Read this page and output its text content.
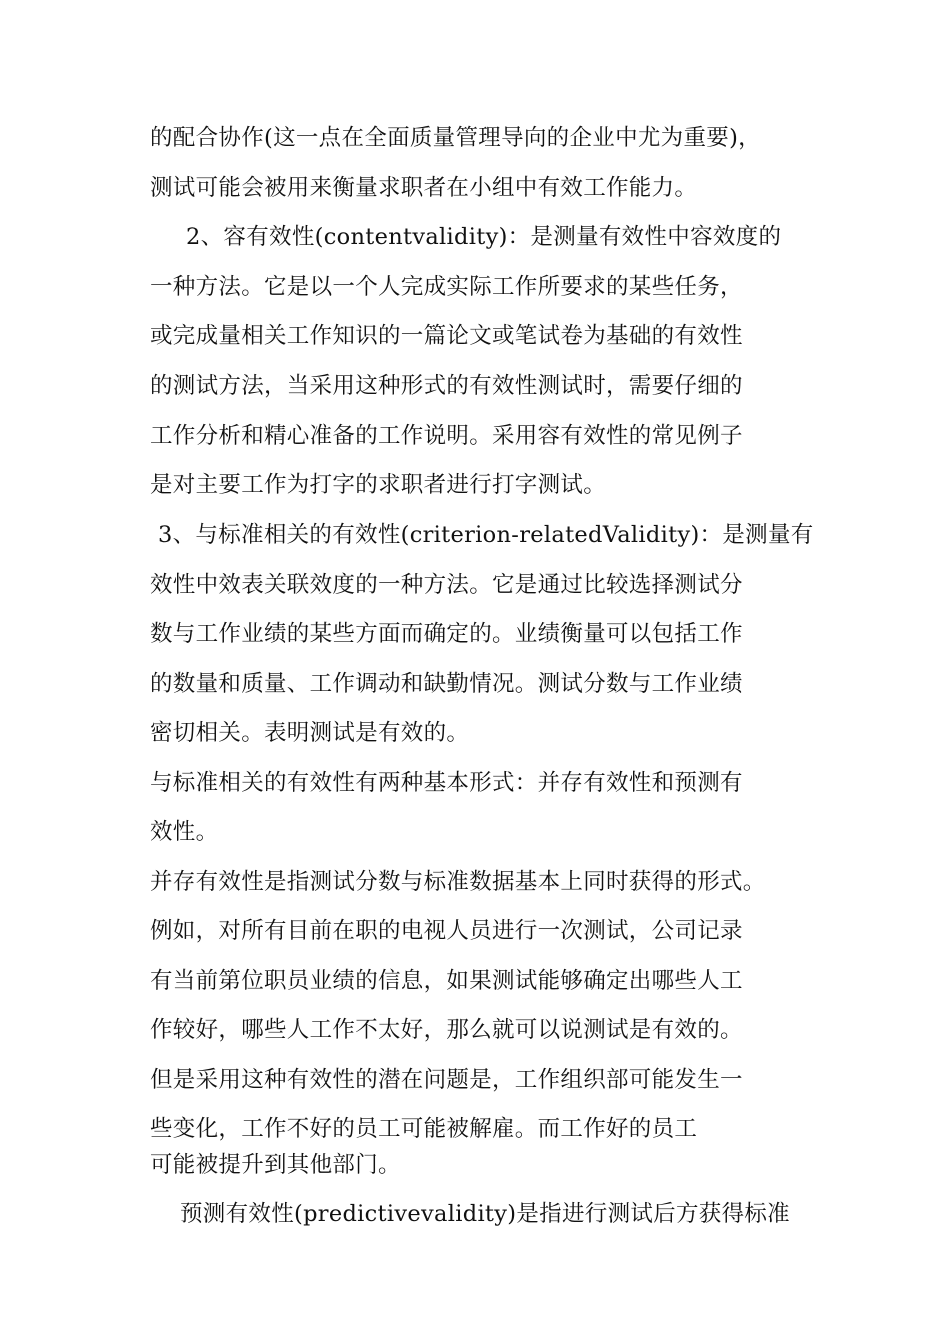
的配合协作(这一点在全面质量管理导向的企业中尤为重要)，
测试可能会被用来衡量求职者在小组中有效工作能力。
2、容有效性(contentvalidity)：是测量有效性中容效度的
一种方法。它是以一个人完成实际工作所要求的某些任务，
或完成量相关工作知识的一篇论文或笔试卷为基础的有效性
的测试方法，当采用这种形式的有效性测试时，需要仔细的
工作分析和精心准备的工作说明。采用容有效性的常见例子
是对主要工作为打字的求职者进行打字测试。
3、与标准相关的有效性(criterion-relatedValidity)：是测量有
效性中效表关联效度的一种方法。它是通过比较选择测试分
数与工作业绩的某些方面而确定的。业绩衡量可以包括工作
的数量和质量、工作调动和缺勤情况。测试分数与工作业绩
密切相关。表明测试是有效的。
与标准相关的有效性有两种基本形式：并存有效性和预测有
效性。
并存有效性是指测试分数与标准数据基本上同时获得的形式。
例如，对所有目前在职的电视人员进行一次测试，公司记录
有当前第位职员业绩的信息，如果测试能够确定出哪些人工
作较好，哪些人工作不太好，那么就可以说测试是有效的。
但是采用这种有效性的潜在问题是，工作组织部可能发生一
些变化，工作不好的员工可能被解雇。而工作好的员工
可能被提升到其他部门。
预测有效性(predictivevalidity)是指进行测试后方获得标准
